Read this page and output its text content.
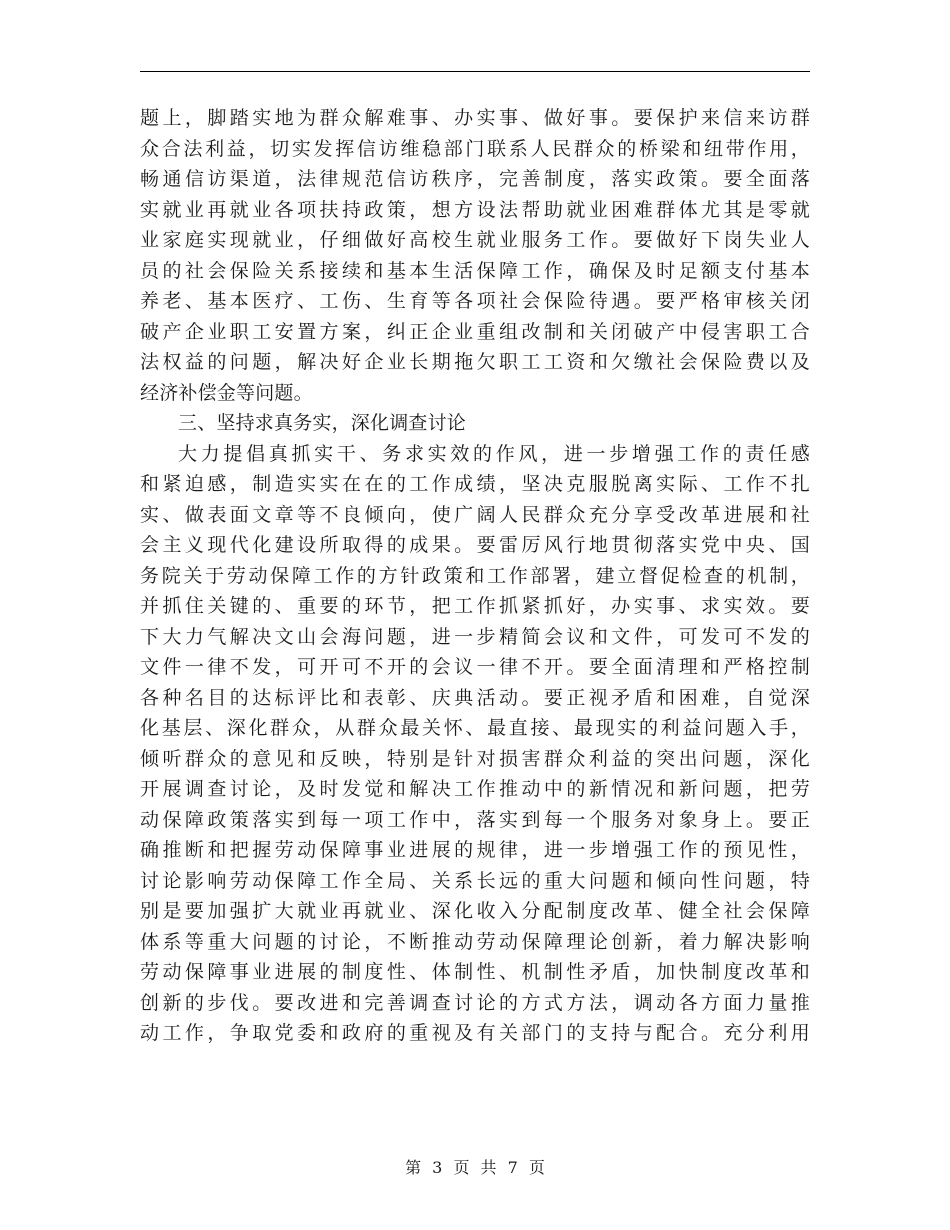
题上，脚踏实地为群众解难事、办实事、做好事。要保护来信来访群
众合法利益，切实发挥信访维稳部门联系人民群众的桥梁和纽带作用，
畅通信访渠道，法律规范信访秩序，完善制度，落实政策。要全面落
实就业再就业各项扶持政策，想方设法帮助就业困难群体尤其是零就
业家庭实现就业，仔细做好高校生就业服务工作。要做好下岗失业人
员的社会保险关系接续和基本生活保障工作，确保及时足额支付基本
养老、基本医疗、工伤、生育等各项社会保险待遇。要严格审核关闭
破产企业职工安置方案，纠正企业重组改制和关闭破产中侵害职工合
法权益的问题，解决好企业长期拖欠职工工资和欠缴社会保险费以及
经济补偿金等问题。
三、坚持求真务实，深化调查讨论
大力提倡真抓实干、务求实效的作风，进一步增强工作的责任感
和紧迫感，制造实实在在的工作成绩，坚决克服脱离实际、工作不扎
实、做表面文章等不良倾向，使广阔人民群众充分享受改革进展和社
会主义现代化建设所取得的成果。要雷厉风行地贯彻落实党中央、国
务院关于劳动保障工作的方针政策和工作部署，建立督促检查的机制，
并抓住关键的、重要的环节，把工作抓紧抓好，办实事、求实效。要
下大力气解决文山会海问题，进一步精简会议和文件，可发可不发的
文件一律不发，可开可不开的会议一律不开。要全面清理和严格控制
各种名目的达标评比和表彰、庆典活动。要正视矛盾和困难，自觉深
化基层、深化群众，从群众最关怀、最直接、最现实的利益问题入手，
倾听群众的意见和反映，特别是针对损害群众利益的突出问题，深化
开展调查讨论，及时发觉和解决工作推动中的新情况和新问题，把劳
动保障政策落实到每一项工作中，落实到每一个服务对象身上。要正
确推断和把握劳动保障事业进展的规律，进一步增强工作的预见性，
讨论影响劳动保障工作全局、关系长远的重大问题和倾向性问题，特
别是要加强扩大就业再就业、深化收入分配制度改革、健全社会保障
体系等重大问题的讨论，不断推动劳动保障理论创新，着力解决影响
劳动保障事业进展的制度性、体制性、机制性矛盾，加快制度改革和
创新的步伐。要改进和完善调查讨论的方式方法，调动各方面力量推
动工作，争取党委和政府的重视及有关部门的支持与配合。充分利用
第 3 页 共 7 页
